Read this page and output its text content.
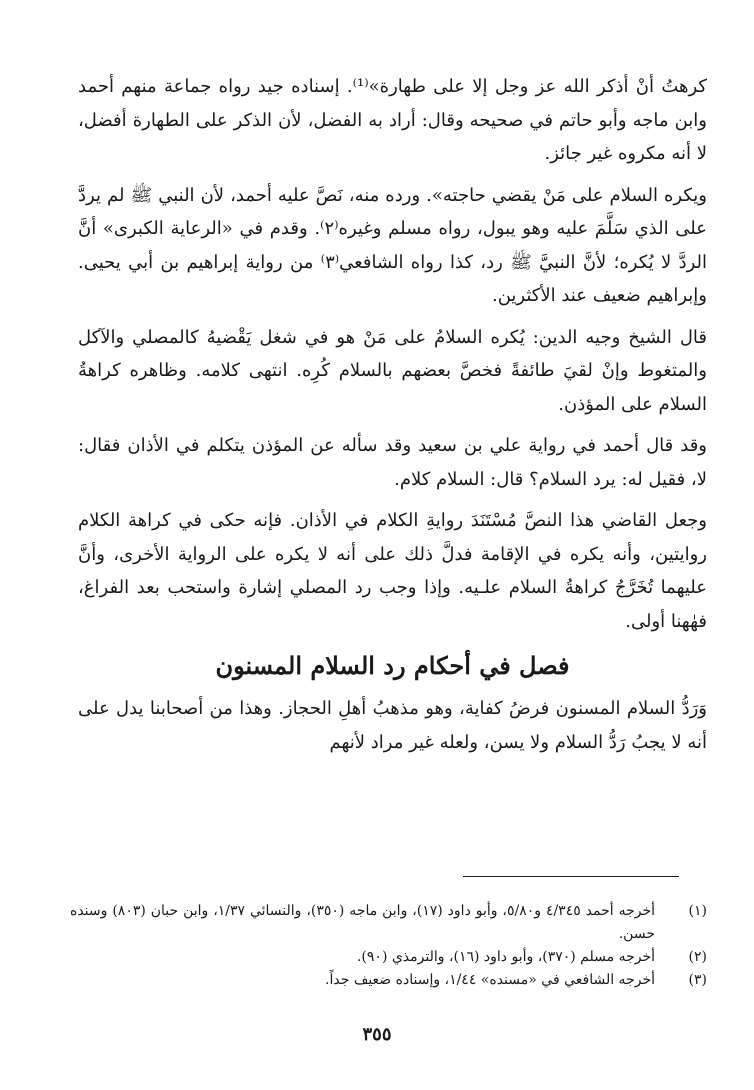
كرهتُ أنْ أذكر الله عز وجل إلا على طهارة»⁽¹⁾. إسناده جيد رواه جماعة منهم أحمد وابن ماجه وأبو حاتم في صحيحه وقال: أراد به الفضل، لأن الذكر على الطهارة أفضل، لا أنه مكروه غير جائز.

ويكره السلام على مَنْ يقضي حاجته». ورده منه، نَصَّ عليه أحمد، لأن النبي ﷺ لم يردَّ على الذي سَلَّمَ عليه وهو يبول، رواه مسلم وغيره⁽٢⁾. وقدم في «الرعاية الكبرى» أنَّ الردَّ لا يُكره؛ لأنَّ النبيَّ ﷺ رد، كذا رواه الشافعي⁽٣⁾ من رواية إبراهيم بن أبي يحيى. وإبراهيم ضعيف عند الأكثرين.

قال الشيخ وجيه الدين: يُكره السلامُ على مَنْ هو في شغل يَقْضيهُ كالمصلي والآكل والمتغوط وإنْ لقيَ طائفةً فخصَّ بعضهم بالسلام كُرِه. انتهى كلامه. وظاهره كراهةُ السلام على المؤذن.

وقد قال أحمد في رواية علي بن سعيد وقد سأله عن المؤذن يتكلم في الأذان فقال: لا، فقيل له: يرد السلام؟ قال: السلام كلام.

وجعل القاضي هذا النصَّ مُسْتَنَدَ روايةِ الكلام في الأذان. فإنه حكى في كراهة الكلام روايتين، وأنه يكره في الإقامة فدلَّ ذلك على أنه لا يكره على الرواية الأخرى، وأنَّ عليهما تُخَرَّجُ كراهةُ السلام علـيه. وإذا وجب رد المصلي إشارة واستحب بعد الفراغ، فهٰهنا أولى.

فصل في أحكام رد السلام المسنون

وَرَدُّ السلام المسنون فرضُ كفاية، وهو مذهبُ أهلِ الحجاز. وهذا من أصحابنا يدل على أنه لا يجبُ رَدُّ السلام ولا يسن، ولعله غير مراد لأنهم

(١)
أخرجه أحمد ٤/٣٤٥ و٥/٨٠، وأبو داود (١٧)، وابن ماجه (٣٥٠)، والنسائي ١/٣٧، وابن حبان (٨٠٣) وسنده حسن.
(٢)
أخرجه مسلم (٣٧٠)، وأبو داود (١٦)، والترمذي (٩٠).
(٣)
أخرجه الشافعي في «مسنده» ١/٤٤، وإسناده ضعيف جداً.
٣٥٥
